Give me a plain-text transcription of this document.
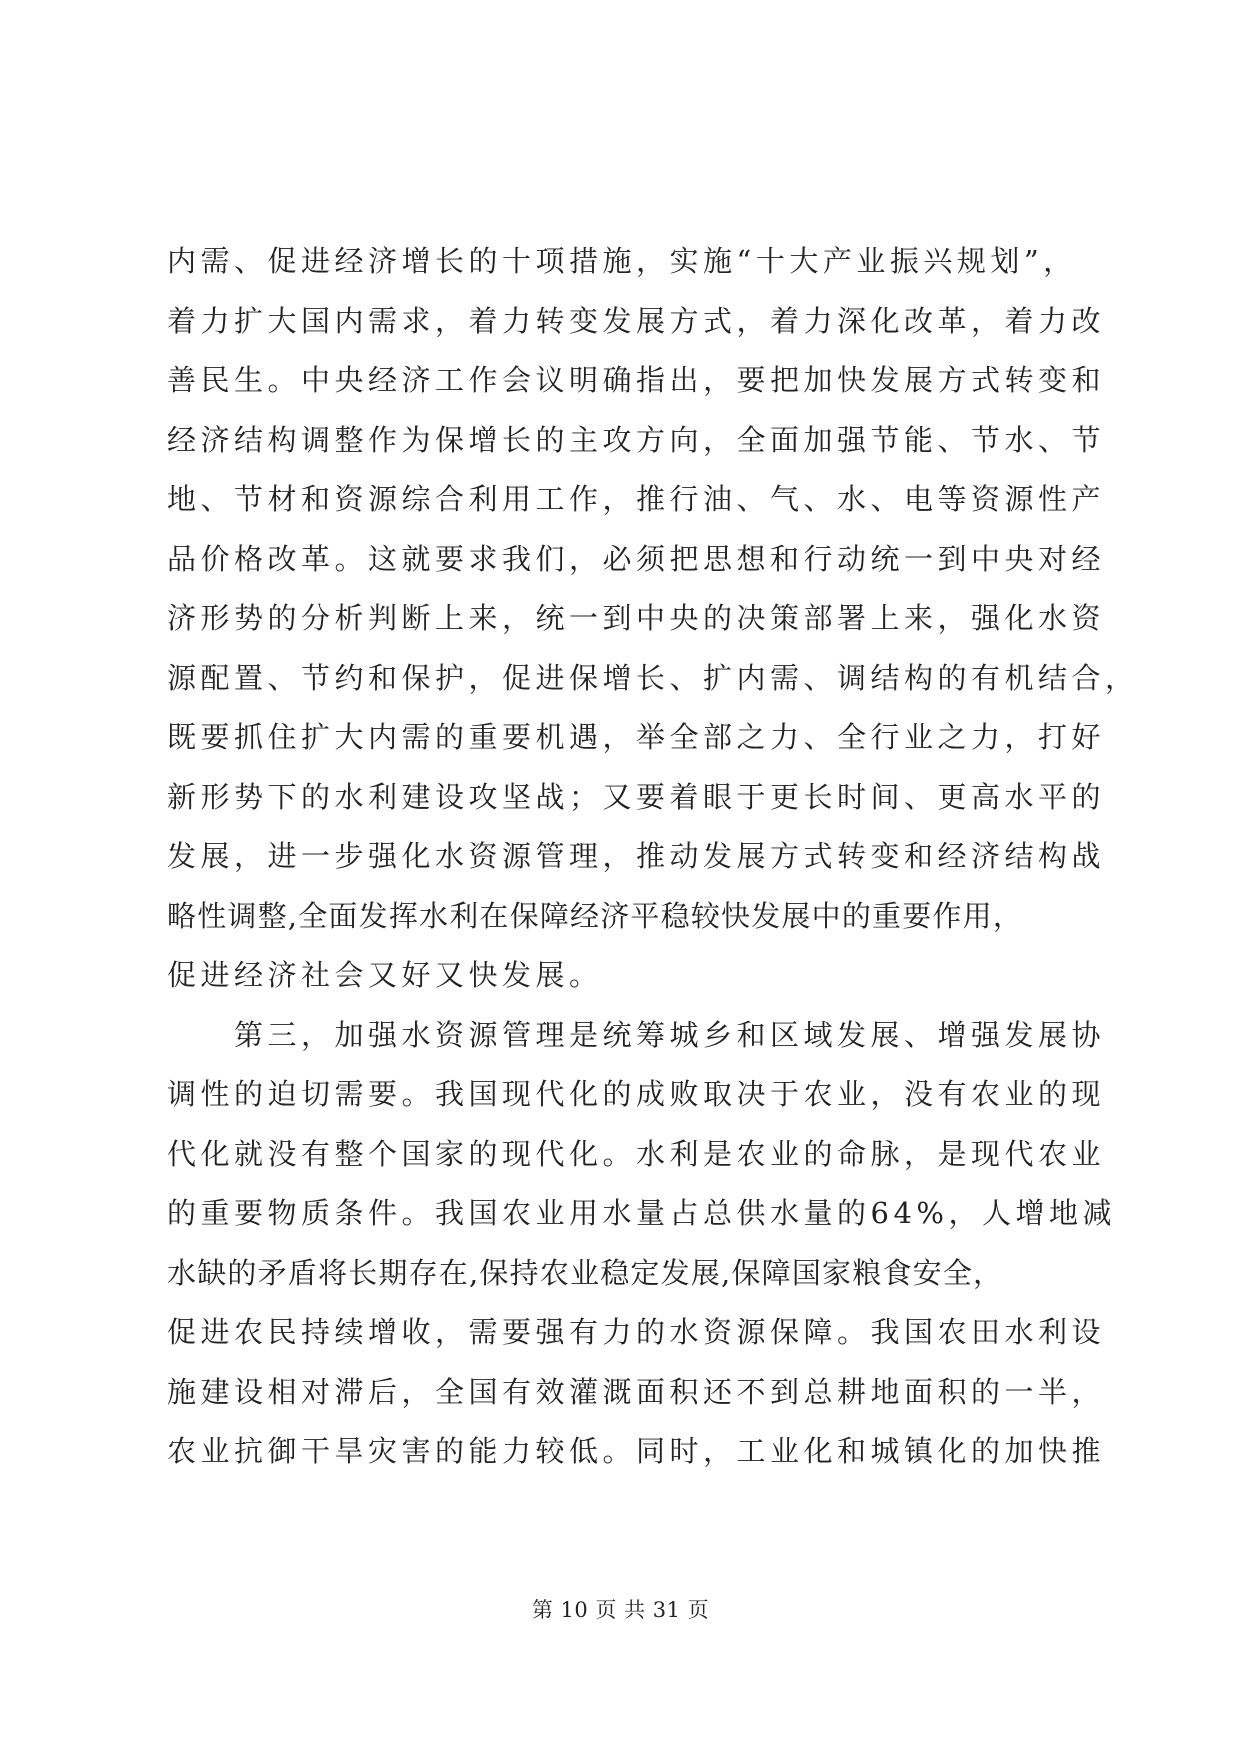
内需、促进经济增长的十项措施，实施“十大产业振兴规划”，
着力扩大国内需求，着力转变发展方式，着力深化改革，着力改
善民生。中央经济工作会议明确指出，要把加快发展方式转变和
经济结构调整作为保增长的主攻方向，全面加强节能、节水、节
地、节材和资源综合利用工作，推行油、气、水、电等资源性产
品价格改革。这就要求我们，必须把思想和行动统一到中央对经
济形势的分析判断上来，统一到中央的决策部署上来，强化水资
源配置、节约和保护，促进保增长、扩内需、调结构的有机结合，
既要抓住扩大内需的重要机遇，举全部之力、全行业之力，打好
新形势下的水利建设攻坚战；又要着眼于更长时间、更高水平的
发展，进一步强化水资源管理，推动发展方式转变和经济结构战
略性调整,全面发挥水利在保障经济平稳较快发展中的重要作用，
促进经济社会又好又快发展。
　　第三，加强水资源管理是统筹城乡和区域发展、增强发展协
调性的迫切需要。我国现代化的成败取决于农业，没有农业的现
代化就没有整个国家的现代化。水利是农业的命脉，是现代农业
的重要物质条件。我国农业用水量占总供水量的64%，人增地减
水缺的矛盾将长期存在,保持农业稳定发展,保障国家粮食安全，
促进农民持续增收，需要强有力的水资源保障。我国农田水利设
施建设相对滞后，全国有效灌溉面积还不到总耕地面积的一半，
农业抗御干旱灾害的能力较低。同时，工业化和城镇化的加快推
第 10 页 共 31 页
